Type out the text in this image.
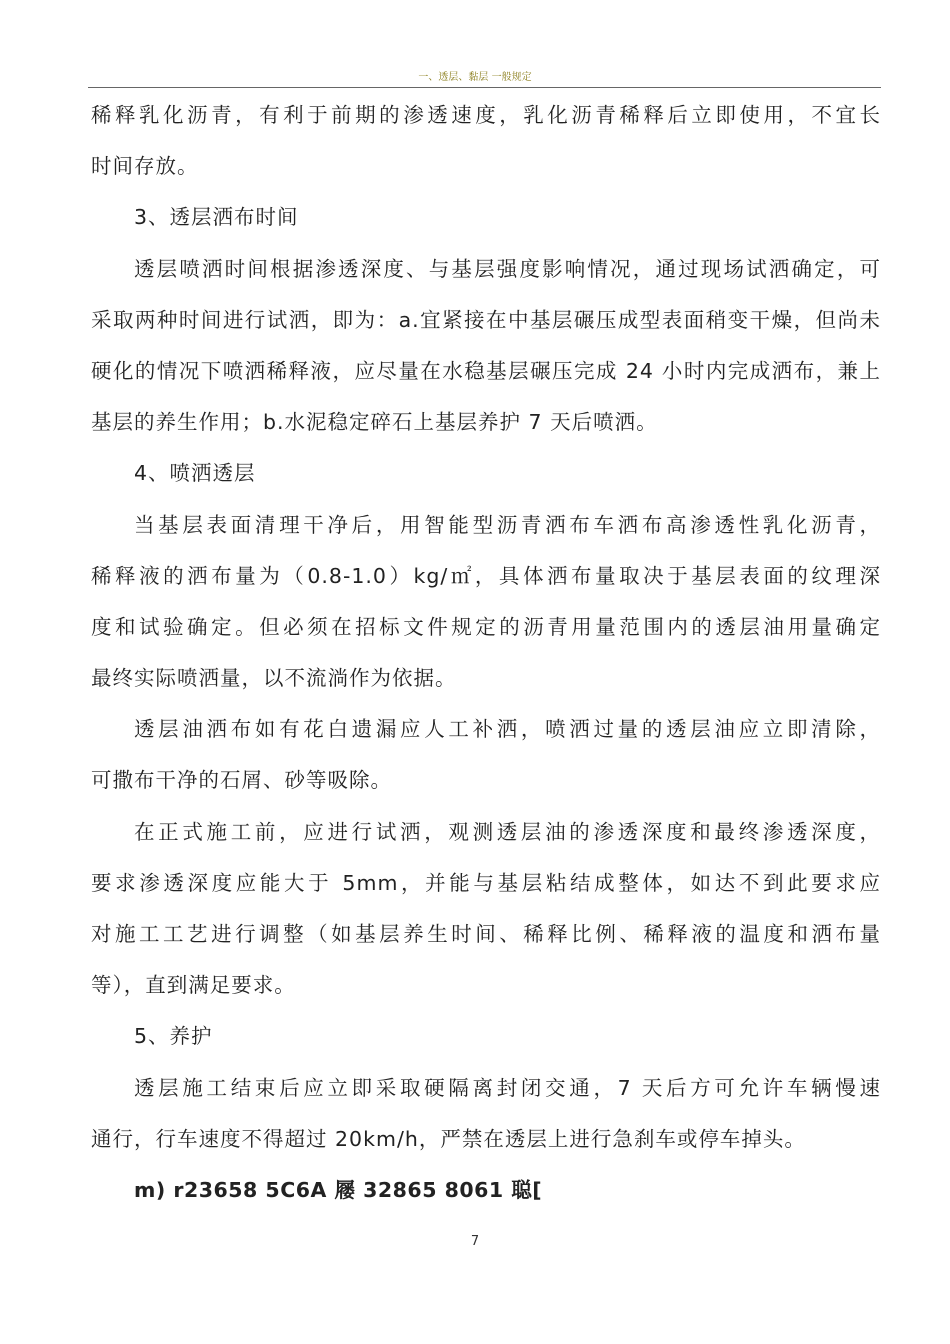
一、透层、黏层 一般规定
稀释乳化沥青，有利于前期的渗透速度，乳化沥青稀释后立即使用，不宜长
时间存放。
3、透层洒布时间
透层喷洒时间根据渗透深度、与基层强度影响情况，通过现场试洒确定，可
采取两种时间进行试洒，即为：a.宜紧接在中基层碾压成型表面稍变干燥，但尚未
硬化的情况下喷洒稀释液，应尽量在水稳基层碾压完成 24 小时内完成洒布，兼上
基层的养生作用；b.水泥稳定碎石上基层养护 7 天后喷洒。
4、喷洒透层
当基层表面清理干净后，用智能型沥青洒布车洒布高渗透性乳化沥青，
稀释液的洒布量为（0.8-1.0）kg/㎡，具体洒布量取决于基层表面的纹理深
度和试验确定。但必须在招标文件规定的沥青用量范围内的透层油用量确定
最终实际喷洒量，以不流淌作为依据。
透层油洒布如有花白遗漏应人工补洒，喷洒过量的透层油应立即清除，
可撒布干净的石屑、砂等吸除。
在正式施工前，应进行试洒，观测透层油的渗透深度和最终渗透深度，
要求渗透深度应能大于 5mm，并能与基层粘结成整体，如达不到此要求应
对施工工艺进行调整（如基层养生时间、稀释比例、稀释液的温度和洒布量
等），直到满足要求。
5、养护
透层施工结束后应立即采取硬隔离封闭交通，7 天后方可允许车辆慢速
通行，行车速度不得超过 20km/h，严禁在透层上进行急刹车或停车掉头。
m) r23658 5C6A 屦 32865 8061 聪[
7
